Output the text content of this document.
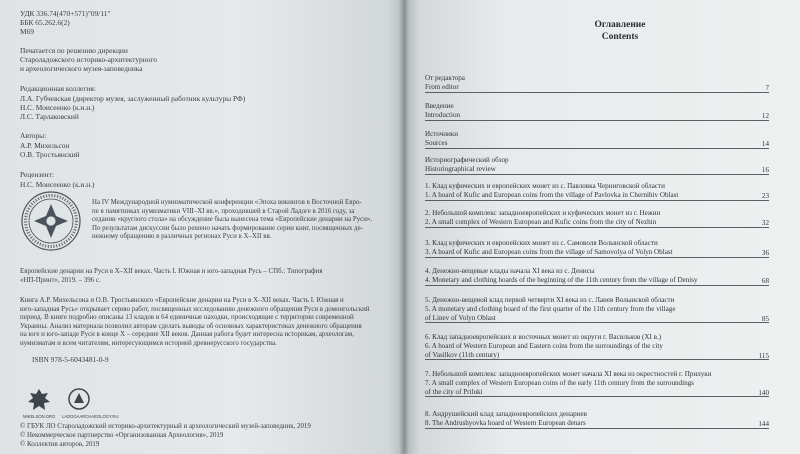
УДК 336.74(470+571)"09/11"
ББК 65.262.6(2)
М69
Печатается по решению дирекции
Староладожского историко-архитектурного
и археологического музея-заповедника
Редакционная коллегия:
Л.А. Губчевская (директор музея, заслуженный работник культуры РФ)
Н.С. Моисеенко (к.и.н.)
Л.С. Тарлаковский
Авторы:
А.Р. Михельсон
О.В. Тростьянский
Рецензент:
Н.С. Моисеенко (к.и.н.)
На IV Международной нумизматической конференции «Эпоха викингов в Восточной Евро-
пе в памятниках нумизматики VIII–XI вв.», проходившей в Старой Ладоге в 2016 году, за
седании «круглого стола» на обсуждение была вынесена тема «Европейские денарии на Руси».
По результатам дискуссии было решено начать формирование серии книг, посвященных де-
нежному обращению в различных регионах Руси в X–XII вв.
Европейские денарии на Руси в X–XII веках. Часть I. Южная и юго-западная Русь – СПб.: Типография
«НП-Принт», 2019. – 396 с.
Книга А.Р. Михельсона и О.В. Тростьянского «Европейские денарии на Руси в X–XII веках. Часть I. Южная и
юго-западная Русь» открывает серию работ, посвященных исследованию денежного обращения Руси в домонгольский
период. В книге подробно описаны 13 кладов и 64 единичные находки, происходящие с территории современной
Украины. Анализ материала позволил авторам сделать выводы об основных характеристиках денежного обращения
на юге и юго-западе Руси в конце X – середине XII веков. Данная работа будет интересна историкам, археологам,
нумизматам и всем читателям, интересующимся историей древнерусского государства.
ISBN 978-5-6043481-0-9
MIKELSON.ORG LADOGAARCHAEOLOGY.RU
© ГБУК ЛО Староладожский историко-архитектурный и археологический музей-заповедник, 2019
© Некоммерческое партнерство «Организованная Археология», 2019
© Коллектив авторов, 2019
Оглавление
Contents
От редактора
From editor	7
Введение
Introduction	12
Источники
Sources	14
Историографический обзор
Historiographical review	16
1. Клад куфических и европейских монет из с. Павловка Черниговской области
1. A hoard of Kufic and European coins from the village of Pavlovka in Chernihiv Oblast	23
2. Небольшой комплекс западноевропейских и куфических монет из г. Нежин
2. A small complex of Western European and Kufic coins from the city of Nezhin	32
3. Клад куфических и европейских монет из с. Самоволя Волынской области
3. A hoard of Kufic and European coins from the village of Samovolya of Volyn Oblast	36
4. Денежно-вещевые клады начала XI века из с. Денисы
4. Monetary and clothing hoards of the beginning of the 11th century from the village of Denisy	68
5. Денежно-вещевой клад первой четверти XI века из с. Лаиев Волынской области
5. A monetary and clothing hoard of the first quarter of the 11th century from the village
of Linev of Volyn Oblast	85
6. Клад западноевропейских и восточных монет из округи г. Васильков (XI в.)
6. A hoard of Western European and Eastern coins from the surroundings of the city
of Vasilkov (11th century)	115
7. Небольшой комплекс западноевропейских монет начала XI века из окрестностей г. Прилуки
7. A small complex of Western European coins of the early 11th century from the surroundings
of the city of Priluki	140
8. Андрушейский клад западноевропейских денариев
8. The Andrushyovka hoard of Western European denars	144
